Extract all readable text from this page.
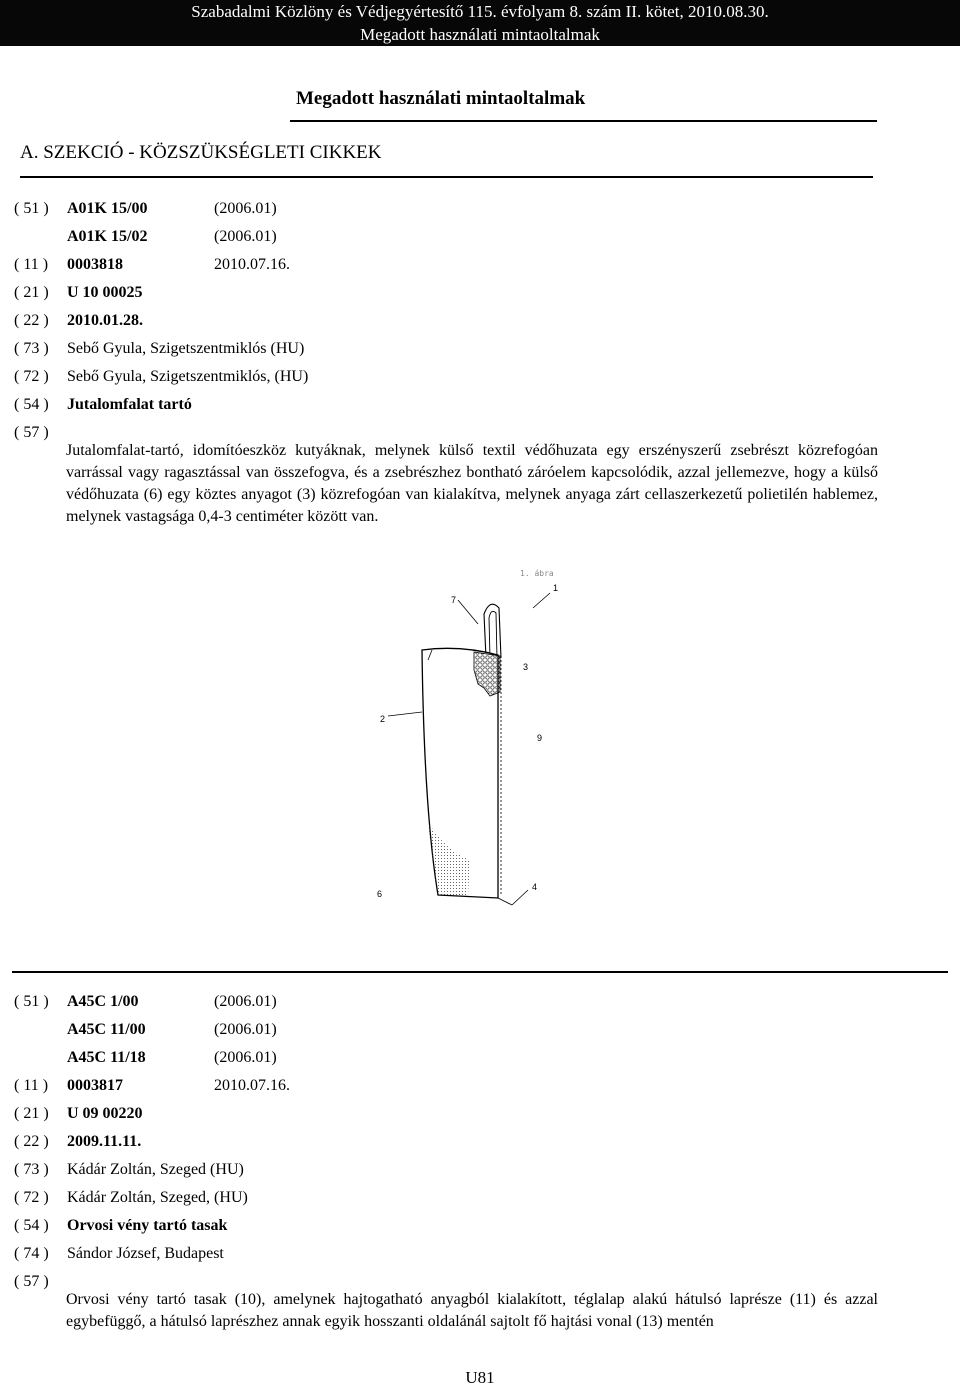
Szabadalmi Közlöny és Védjegyértesítő 115. évfolyam 8. szám II. kötet, 2010.08.30.
Megadott használati mintaoltalmak
Megadott használati mintaoltalmak
A. SZEKCIÓ - KÖZSZÜKSÉGLETI CIKKEK
( 51 ) A01K 15/00	(2006.01)
A01K 15/02	(2006.01)
( 11 ) 0003818	2010.07.16.
( 21 ) U 10 00025
( 22 ) 2010.01.28.
( 73 ) Sebő Gyula, Szigetszentmiklós (HU)
( 72 ) Sebő Gyula, Szigetszentmiklós, (HU)
( 54 ) Jutalomfalat tartó
( 57 )
Jutalomfalat-tartó, idomítóeszköz kutyáknak, melynek külső textil védőhuzata egy erszényszerű zsebrészt közrefogóan varrással vagy ragasztással van összefogva, és a zsebrészhez bontható záróelem kapcsolódik, azzal jellemezve, hogy a külső védőhuzata (6) egy köztes anyagot (3) közrefogóan van kialakítva, melynek anyaga zárt cellaszerkezetű polietilén hablemez, melynek vastagsága 0,4-3 centiméter között van.
1. ábra
1
7
3
2
9
4
6
( 51 ) A45C 1/00	(2006.01)
A45C 11/00	(2006.01)
A45C 11/18	(2006.01)
( 11 ) 0003817	2010.07.16.
( 21 ) U 09 00220
( 22 ) 2009.11.11.
( 73 ) Kádár Zoltán, Szeged (HU)
( 72 ) Kádár Zoltán, Szeged, (HU)
( 54 ) Orvosi vény tartó tasak
( 74 ) Sándor József, Budapest
( 57 )
Orvosi vény tartó tasak (10), amelynek hajtogatható anyagból kialakított, téglalap alakú hátulsó laprésze (11) és azzal egybefüggő, a hátulsó laprészhez annak egyik hosszanti oldalánál sajtolt fő hajtási vonal (13) mentén
U81
